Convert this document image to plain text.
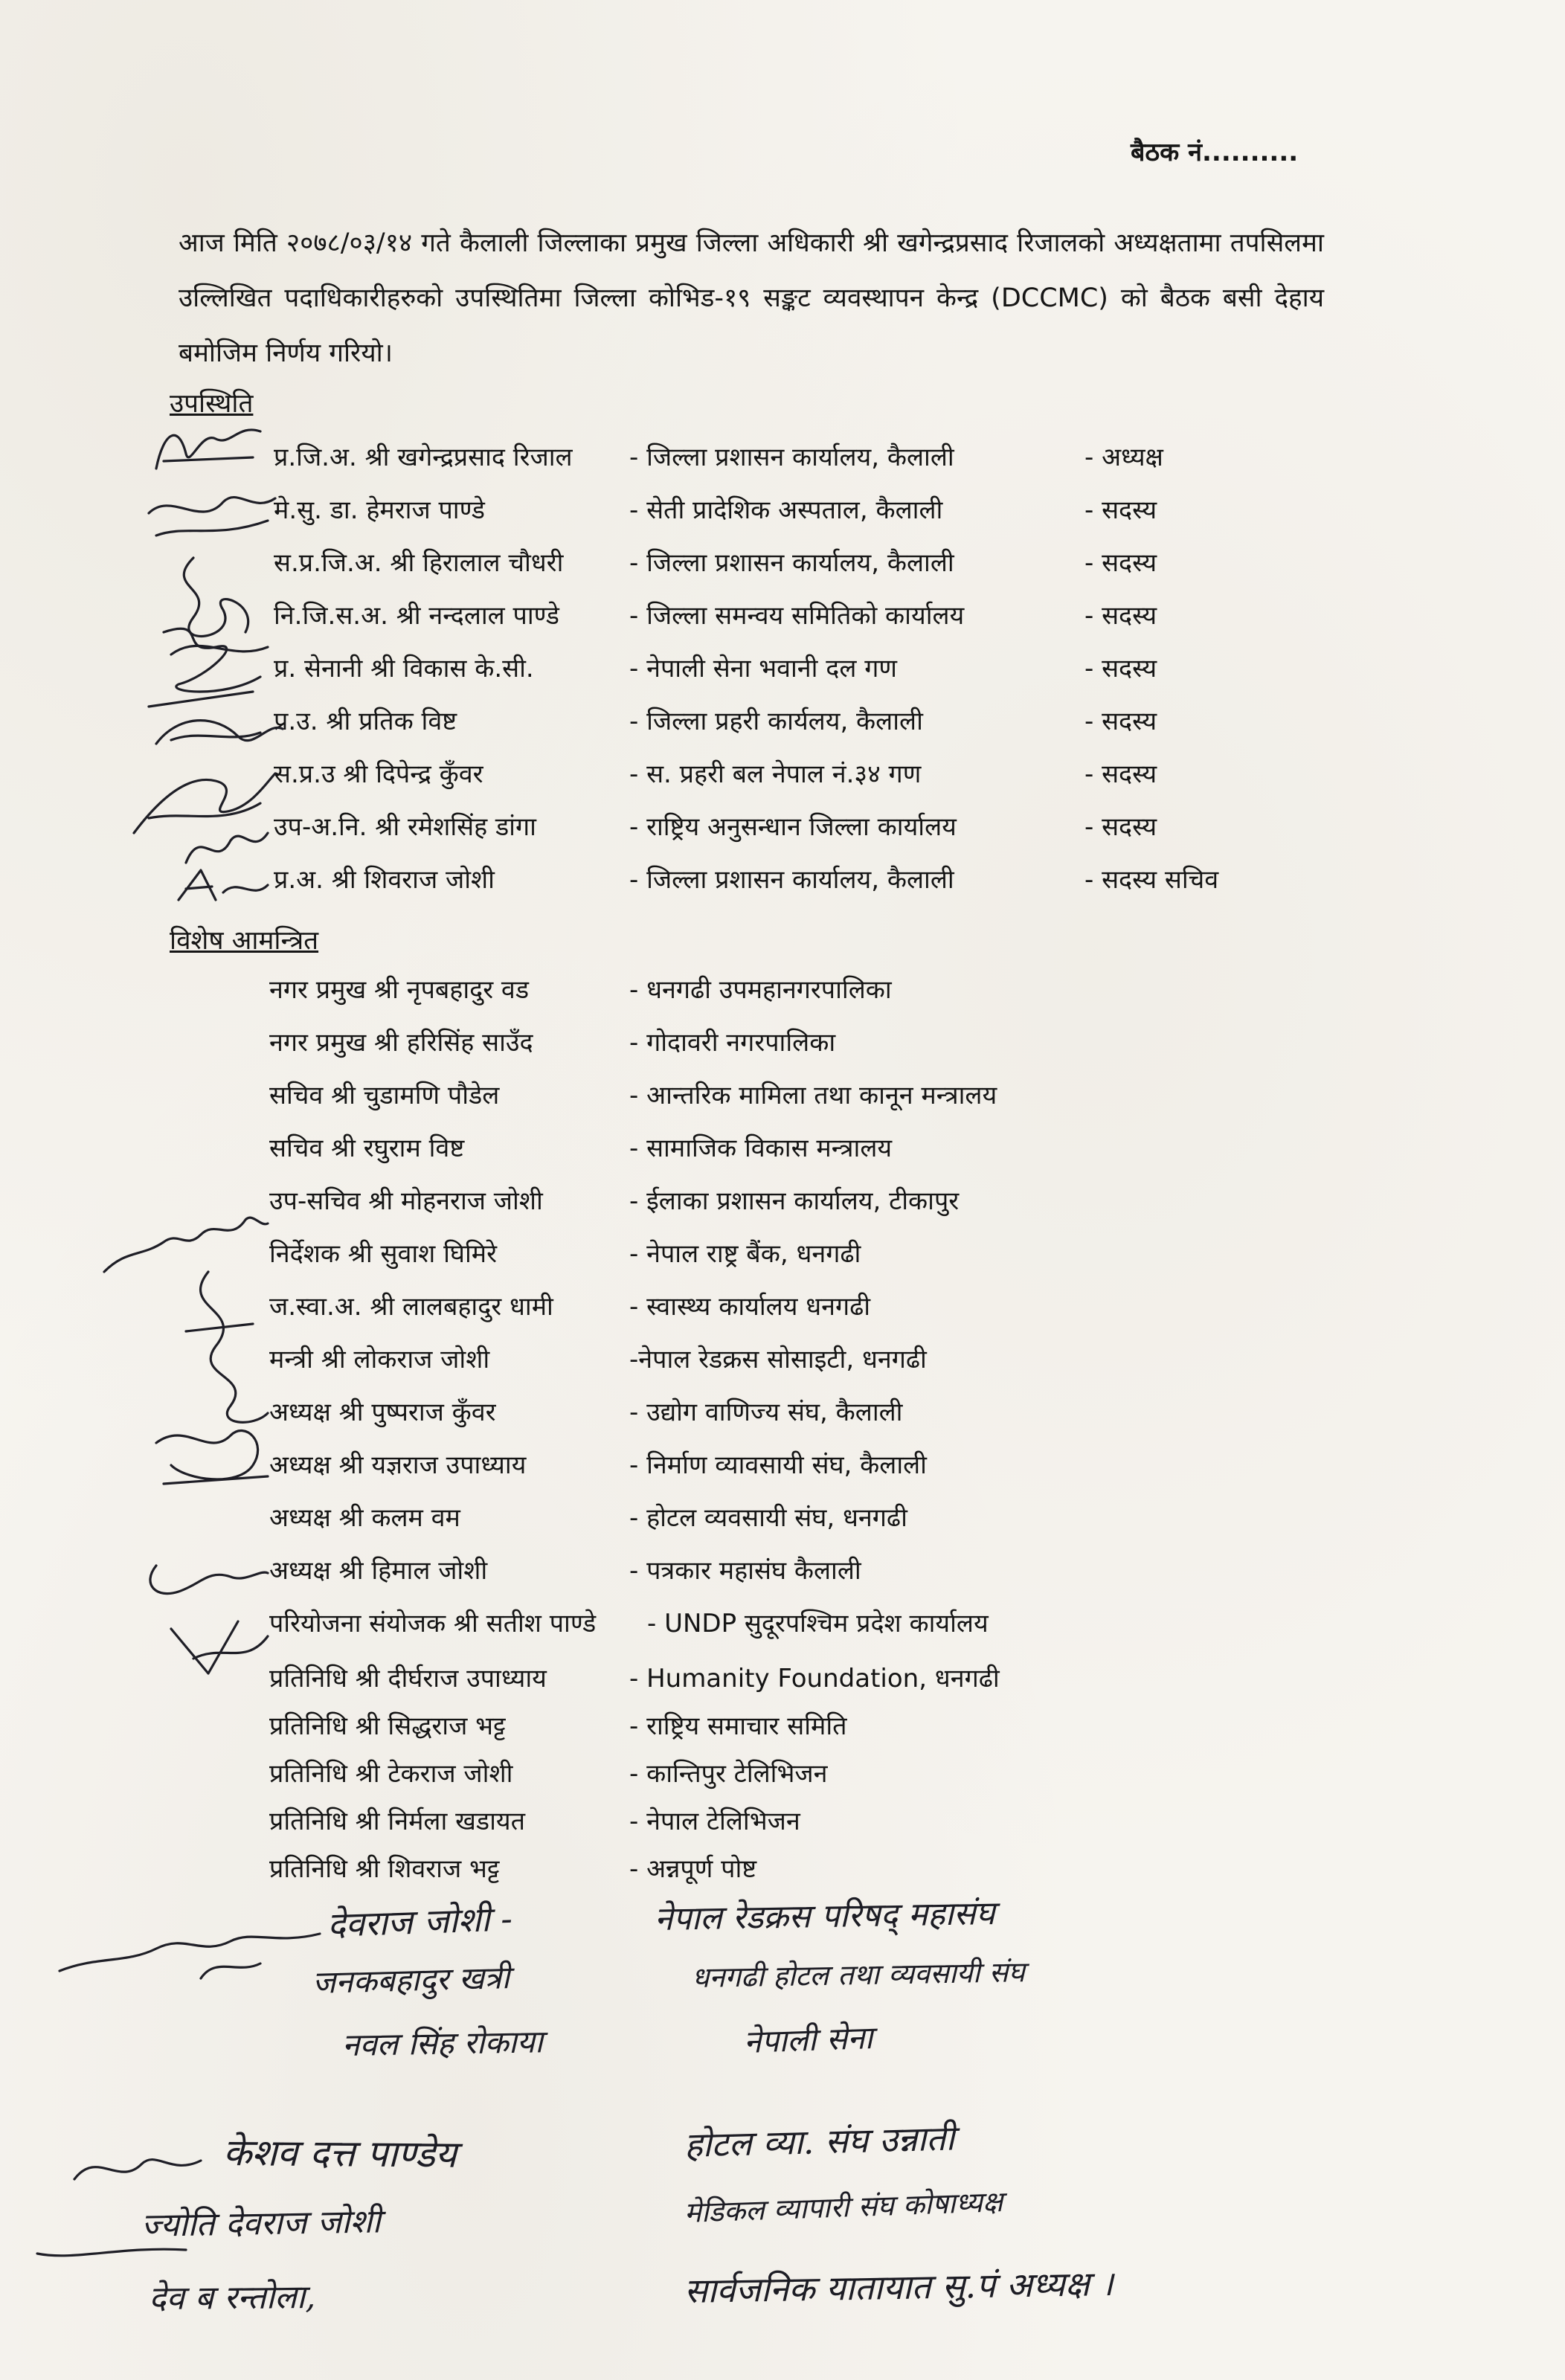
बैठक नं..........
आज मिति २०७८/०३/१४ गते कैलाली जिल्लाका प्रमुख जिल्ला अधिकारी श्री खगेन्द्रप्रसाद रिजालको अध्यक्षतामा तपसिलमा उल्लिखित पदाधिकारीहरुको उपस्थितिमा जिल्ला कोभिड-१९ सङ्कट व्यवस्थापन केन्द्र (DCCMC) को बैठक बसी देहाय बमोजिम निर्णय गरियो।
उपस्थिति
प्र.जि.अ. श्री खगेन्द्रप्रसाद रिजाल - जिल्ला प्रशासन कार्यालय, कैलाली	- अध्यक्ष
मे.सु. डा. हेमराज पाण्डे	- सेती प्रादेशिक अस्पताल, कैलाली	- सदस्य
स.प्र.जि.अ. श्री हिरालाल चौधरी	- जिल्ला प्रशासन कार्यालय, कैलाली	- सदस्य
नि.जि.स.अ. श्री नन्दलाल पाण्डे	- जिल्ला समन्वय समितिको कार्यालय	- सदस्य
प्र. सेनानी श्री विकास के.सी.	- नेपाली सेना भवानी दल गण	- सदस्य
प्र.उ. श्री प्रतिक विष्ट	- जिल्ला प्रहरी कार्यलय, कैलाली	- सदस्य
स.प्र.उ श्री दिपेन्द्र कुँवर	- स. प्रहरी बल नेपाल नं.३४ गण	- सदस्य
उप-अ.नि. श्री रमेशसिंह डांगा	- राष्ट्रिय अनुसन्धान जिल्ला कार्यालय	- सदस्य
प्र.अ. श्री शिवराज जोशी	- जिल्ला प्रशासन कार्यालय, कैलाली	- सदस्य सचिव
विशेष आमन्त्रित
नगर प्रमुख श्री नृपबहादुर वड	- धनगढी उपमहानगरपालिका
नगर प्रमुख श्री हरिसिंह साउँद	- गोदावरी नगरपालिका
सचिव श्री चुडामणि पौडेल	- आन्तरिक मामिला तथा कानून मन्त्रालय
सचिव श्री रघुराम विष्ट	- सामाजिक विकास मन्त्रालय
उप-सचिव श्री मोहनराज जोशी	- ईलाका प्रशासन कार्यालय, टीकापुर
निर्देशक श्री सुवाश घिमिरे	- नेपाल राष्ट्र बैंक, धनगढी
ज.स्वा.अ. श्री लालबहादुर धामी	- स्वास्थ्य कार्यालय धनगढी
मन्त्री श्री लोकराज जोशी	-नेपाल रेडक्रस सोसाइटी, धनगढी
अध्यक्ष श्री पुष्पराज कुँवर	- उद्योग वाणिज्य संघ, कैलाली
अध्यक्ष श्री यज्ञराज उपाध्याय	- निर्माण व्यावसायी संघ, कैलाली
अध्यक्ष श्री कलम वम	- होटल व्यवसायी संघ, धनगढी
अध्यक्ष श्री हिमाल जोशी	- पत्रकार महासंघ कैलाली
परियोजना संयोजक श्री सतीश पाण्डे - UNDP सुदूरपश्चिम प्रदेश कार्यालय
प्रतिनिधि श्री दीर्घराज उपाध्याय	- Humanity Foundation, धनगढी
प्रतिनिधि श्री सिद्धराज भट्ट	- राष्ट्रिय समाचार समिति
प्रतिनिधि श्री टेकराज जोशी	- कान्तिपुर टेलिभिजन
प्रतिनिधि श्री निर्मला खडायत	- नेपाल टेलिभिजन
प्रतिनिधि श्री शिवराज भट्ट	- अन्नपूर्ण पोष्ट
देवराज जोशी -	नेपाल रेडक्रस परिषद् महासंघ
जनकबहादुर खत्री	धनगढी होटल तथा व्यवसायी संघ
नवल सिंह रोकाया	नेपाली सेना
केशव दत्त पाण्डेय	होटल व्या. संघ उन्नाती
ज्योति देवराज जोशी	मेडिकल व्यापारी संघ कोषाध्यक्ष
देव ब रन्तोला,	सार्वजनिक यातायात सु.पं अध्यक्ष ।
